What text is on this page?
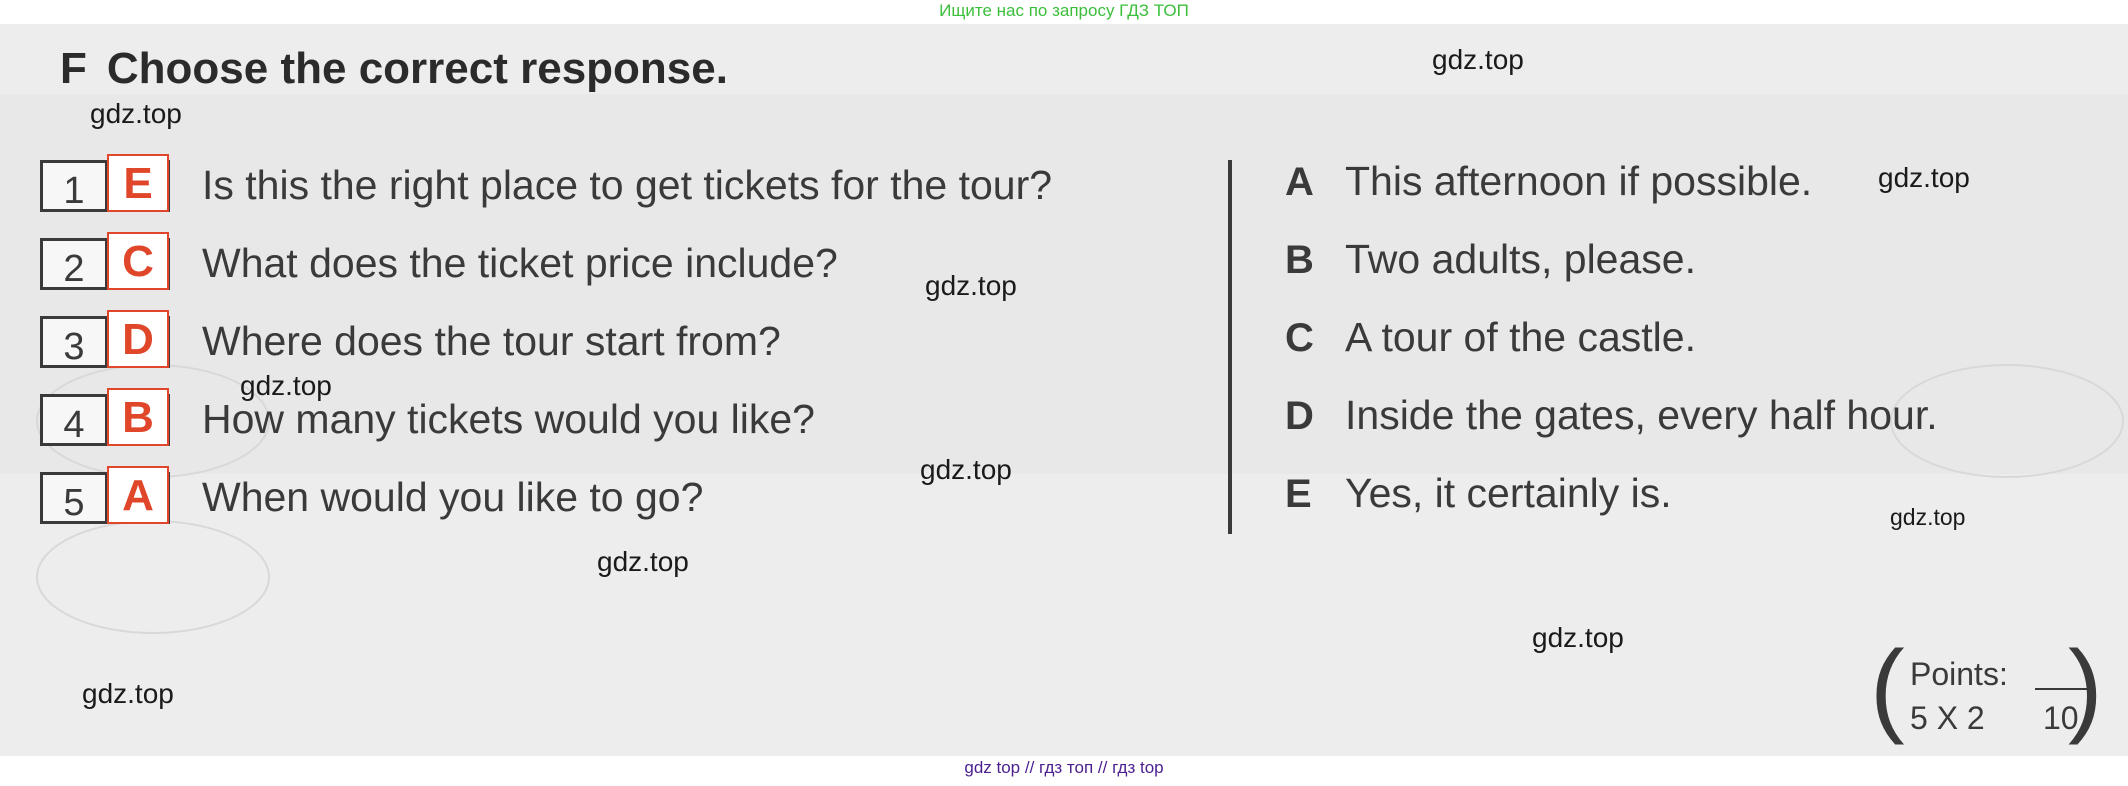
Ищите нас по запросу ГДЗ ТОП
F Choose the correct response.
1 E	Is this the right place to get tickets for the tour?
2 C	What does the ticket price include?
3 D	Where does the tour start from?
4 B	How many tickets would you like?
5 A	When would you like to go?
A This afternoon if possible.
B Two adults, please.
C A tour of the castle.
D Inside the gates, every half hour.
E Yes, it certainly is.
( Points:
5 X 2 10
)
gdz.top
gdz.top
gdz.top
gdz.top
gdz.top
gdz.top
gdz.top
gdz.top
gdz.top
gdz.top
gdz top // гдз топ // гдз top
